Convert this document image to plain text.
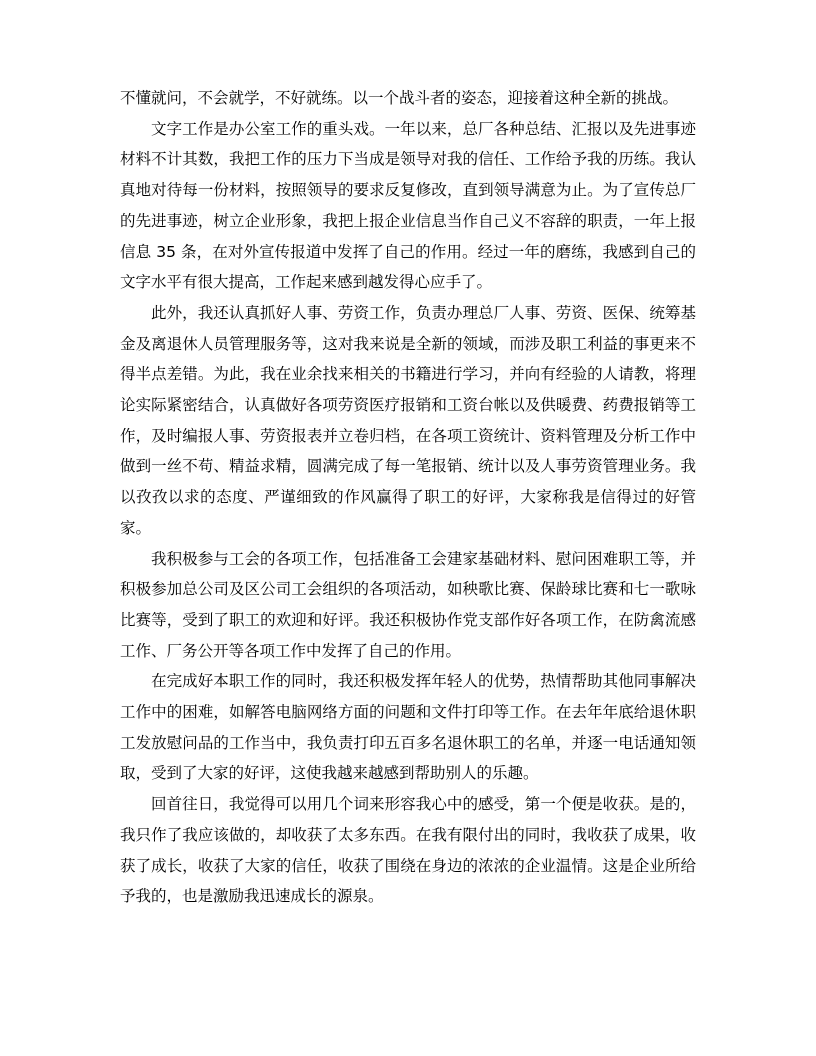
不懂就问，不会就学，不好就练。以一个战斗者的姿态，迎接着这种全新的挑战。

文字工作是办公室工作的重头戏。一年以来，总厂各种总结、汇报以及先进事迹材料不计其数，我把工作的压力下当成是领导对我的信任、工作给予我的历练。我认真地对待每一份材料，按照领导的要求反复修改，直到领导满意为止。为了宣传总厂的先进事迹，树立企业形象，我把上报企业信息当作自己义不容辞的职责，一年上报信息 35 条，在对外宣传报道中发挥了自己的作用。经过一年的磨练，我感到自己的文字水平有很大提高，工作起来感到越发得心应手了。

此外，我还认真抓好人事、劳资工作，负责办理总厂人事、劳资、医保、统筹基金及离退休人员管理服务等，这对我来说是全新的领域，而涉及职工利益的事更来不得半点差错。为此，我在业余找来相关的书籍进行学习，并向有经验的人请教，将理论实际紧密结合，认真做好各项劳资医疗报销和工资台帐以及供暖费、药费报销等工作，及时编报人事、劳资报表并立卷归档，在各项工资统计、资料管理及分析工作中做到一丝不苟、精益求精，圆满完成了每一笔报销、统计以及人事劳资管理业务。我以孜孜以求的态度、严谨细致的作风赢得了职工的好评，大家称我是信得过的好管家。

我积极参与工会的各项工作，包括准备工会建家基础材料、慰问困难职工等，并积极参加总公司及区公司工会组织的各项活动，如秧歌比赛、保龄球比赛和七一歌咏比赛等，受到了职工的欢迎和好评。我还积极协作党支部作好各项工作，在防禽流感工作、厂务公开等各项工作中发挥了自己的作用。

在完成好本职工作的同时，我还积极发挥年轻人的优势，热情帮助其他同事解决工作中的困难，如解答电脑网络方面的问题和文件打印等工作。在去年年底给退休职工发放慰问品的工作当中，我负责打印五百多名退休职工的名单，并逐一电话通知领取，受到了大家的好评，这使我越来越感到帮助别人的乐趣。

回首往日，我觉得可以用几个词来形容我心中的感受，第一个便是收获。是的，我只作了我应该做的，却收获了太多东西。在我有限付出的同时，我收获了成果，收获了成长，收获了大家的信任，收获了围绕在身边的浓浓的企业温情。这是企业所给予我的，也是激励我迅速成长的源泉。
